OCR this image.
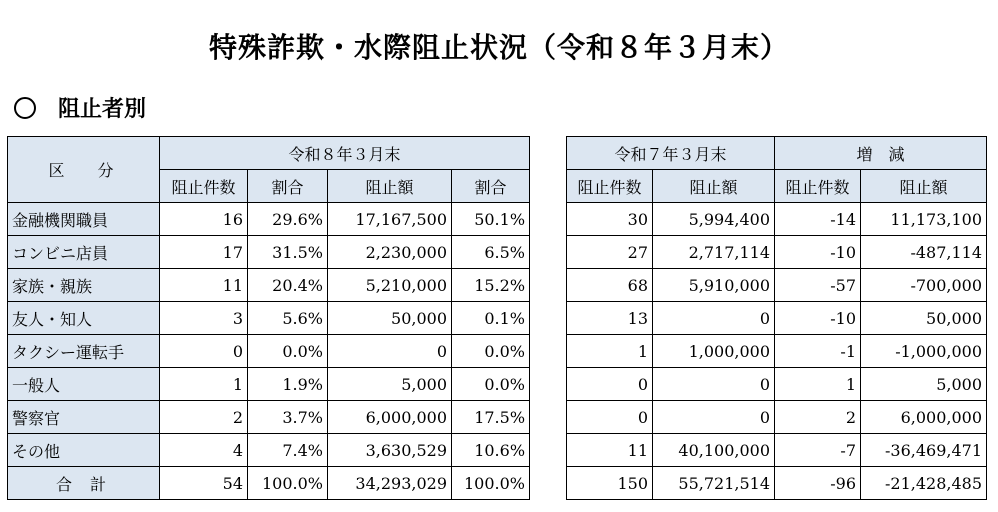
特殊詐欺・水際阻止状況（令和８年３月末）
阻止者別
区 分	令和８年３月末			
	阻止件数	割合	阻止額	割合
金融機関職員	16	29.6%	17,167,500	50.1%
コンビニ店員	17	31.5%	2,230,000	6.5%
家族・親族	11	20.4%	5,210,000	15.2%
友人・知人	3	5.6%	50,000	0.1%
タクシー運転手	0	0.0%	0	0.0%
一般人	1	1.9%	5,000	0.0%
警察官	2	3.7%	6,000,000	17.5%
その他	4	7.4%	3,630,529	10.6%
合計	54	100.0%	34,293,029	100.0%
令和７年３月末		増　減	
阻止件数	阻止額	阻止件数	阻止額
30	5,994,400	-14	11,173,100
27	2,717,114	-10	-487,114
68	5,910,000	-57	-700,000
13	0	-10	50,000
1	1,000,000	-1	-1,000,000
0	0	1	5,000
0	0	2	6,000,000
11	40,100,000	-7	-36,469,471
150	55,721,514	-96	-21,428,485
